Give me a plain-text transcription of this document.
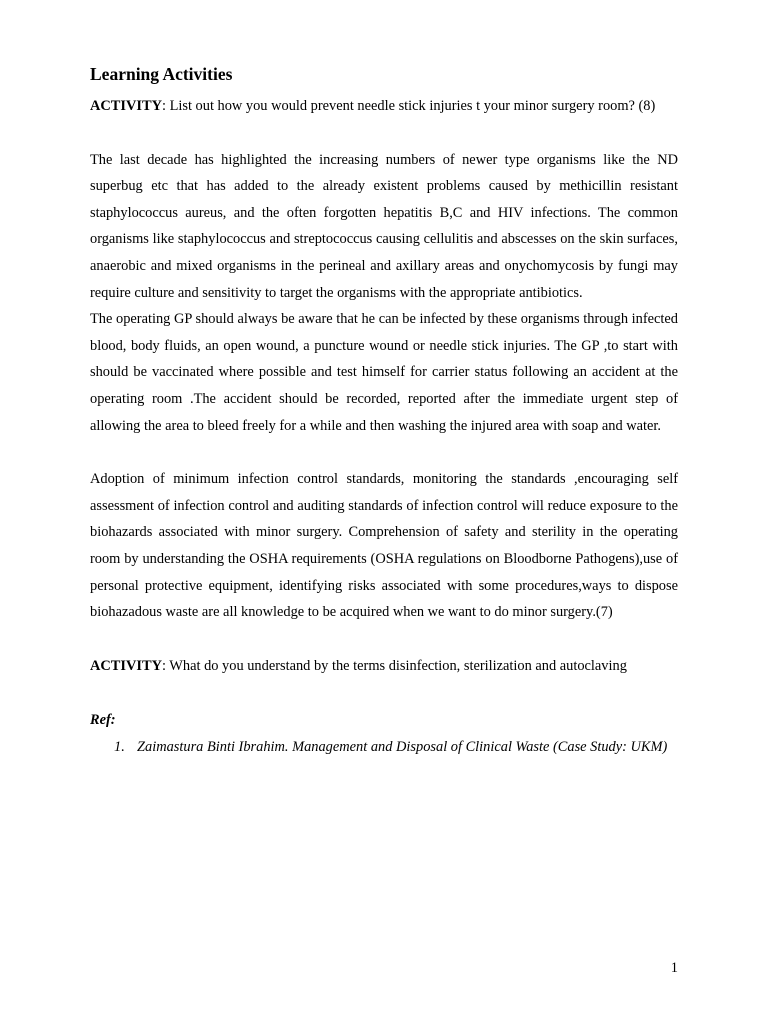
Learning Activities

ACTIVITY: List out how you would prevent needle stick injuries t your minor surgery room? (8)

The last decade has highlighted the increasing numbers of newer type organisms like the ND superbug etc that has added to the already existent problems caused by methicillin resistant staphylococcus aureus, and the often forgotten hepatitis B,C and HIV infections. The common organisms like staphylococcus and streptococcus causing cellulitis and abscesses on the skin surfaces, anaerobic and mixed organisms in the perineal and axillary areas and onychomycosis by fungi may require culture and sensitivity to target the organisms with the appropriate antibiotics.

The operating GP should always be aware that he can be infected by these organisms through infected blood, body fluids, an open wound, a puncture wound or needle stick injuries. The GP ,to start with should be vaccinated where possible and test himself for carrier status following an accident at the operating room .The accident should be recorded, reported after the immediate urgent step of allowing the area to bleed freely for a while and then washing the injured area with soap and water.

Adoption of minimum infection control standards, monitoring the standards ,encouraging self assessment of infection control and auditing standards of infection control will reduce exposure to the biohazards associated with minor surgery. Comprehension of safety and sterility in the operating room by understanding the OSHA requirements (OSHA regulations on Bloodborne Pathogens),use of personal protective equipment, identifying risks associated with some procedures,ways to dispose biohazadous waste are all knowledge to be acquired when we want to do minor surgery.(7)

ACTIVITY: What do you understand by the terms disinfection, sterilization and autoclaving

Ref:

1. Zaimastura Binti Ibrahim. Management and Disposal of Clinical Waste (Case Study: UKM)
1
